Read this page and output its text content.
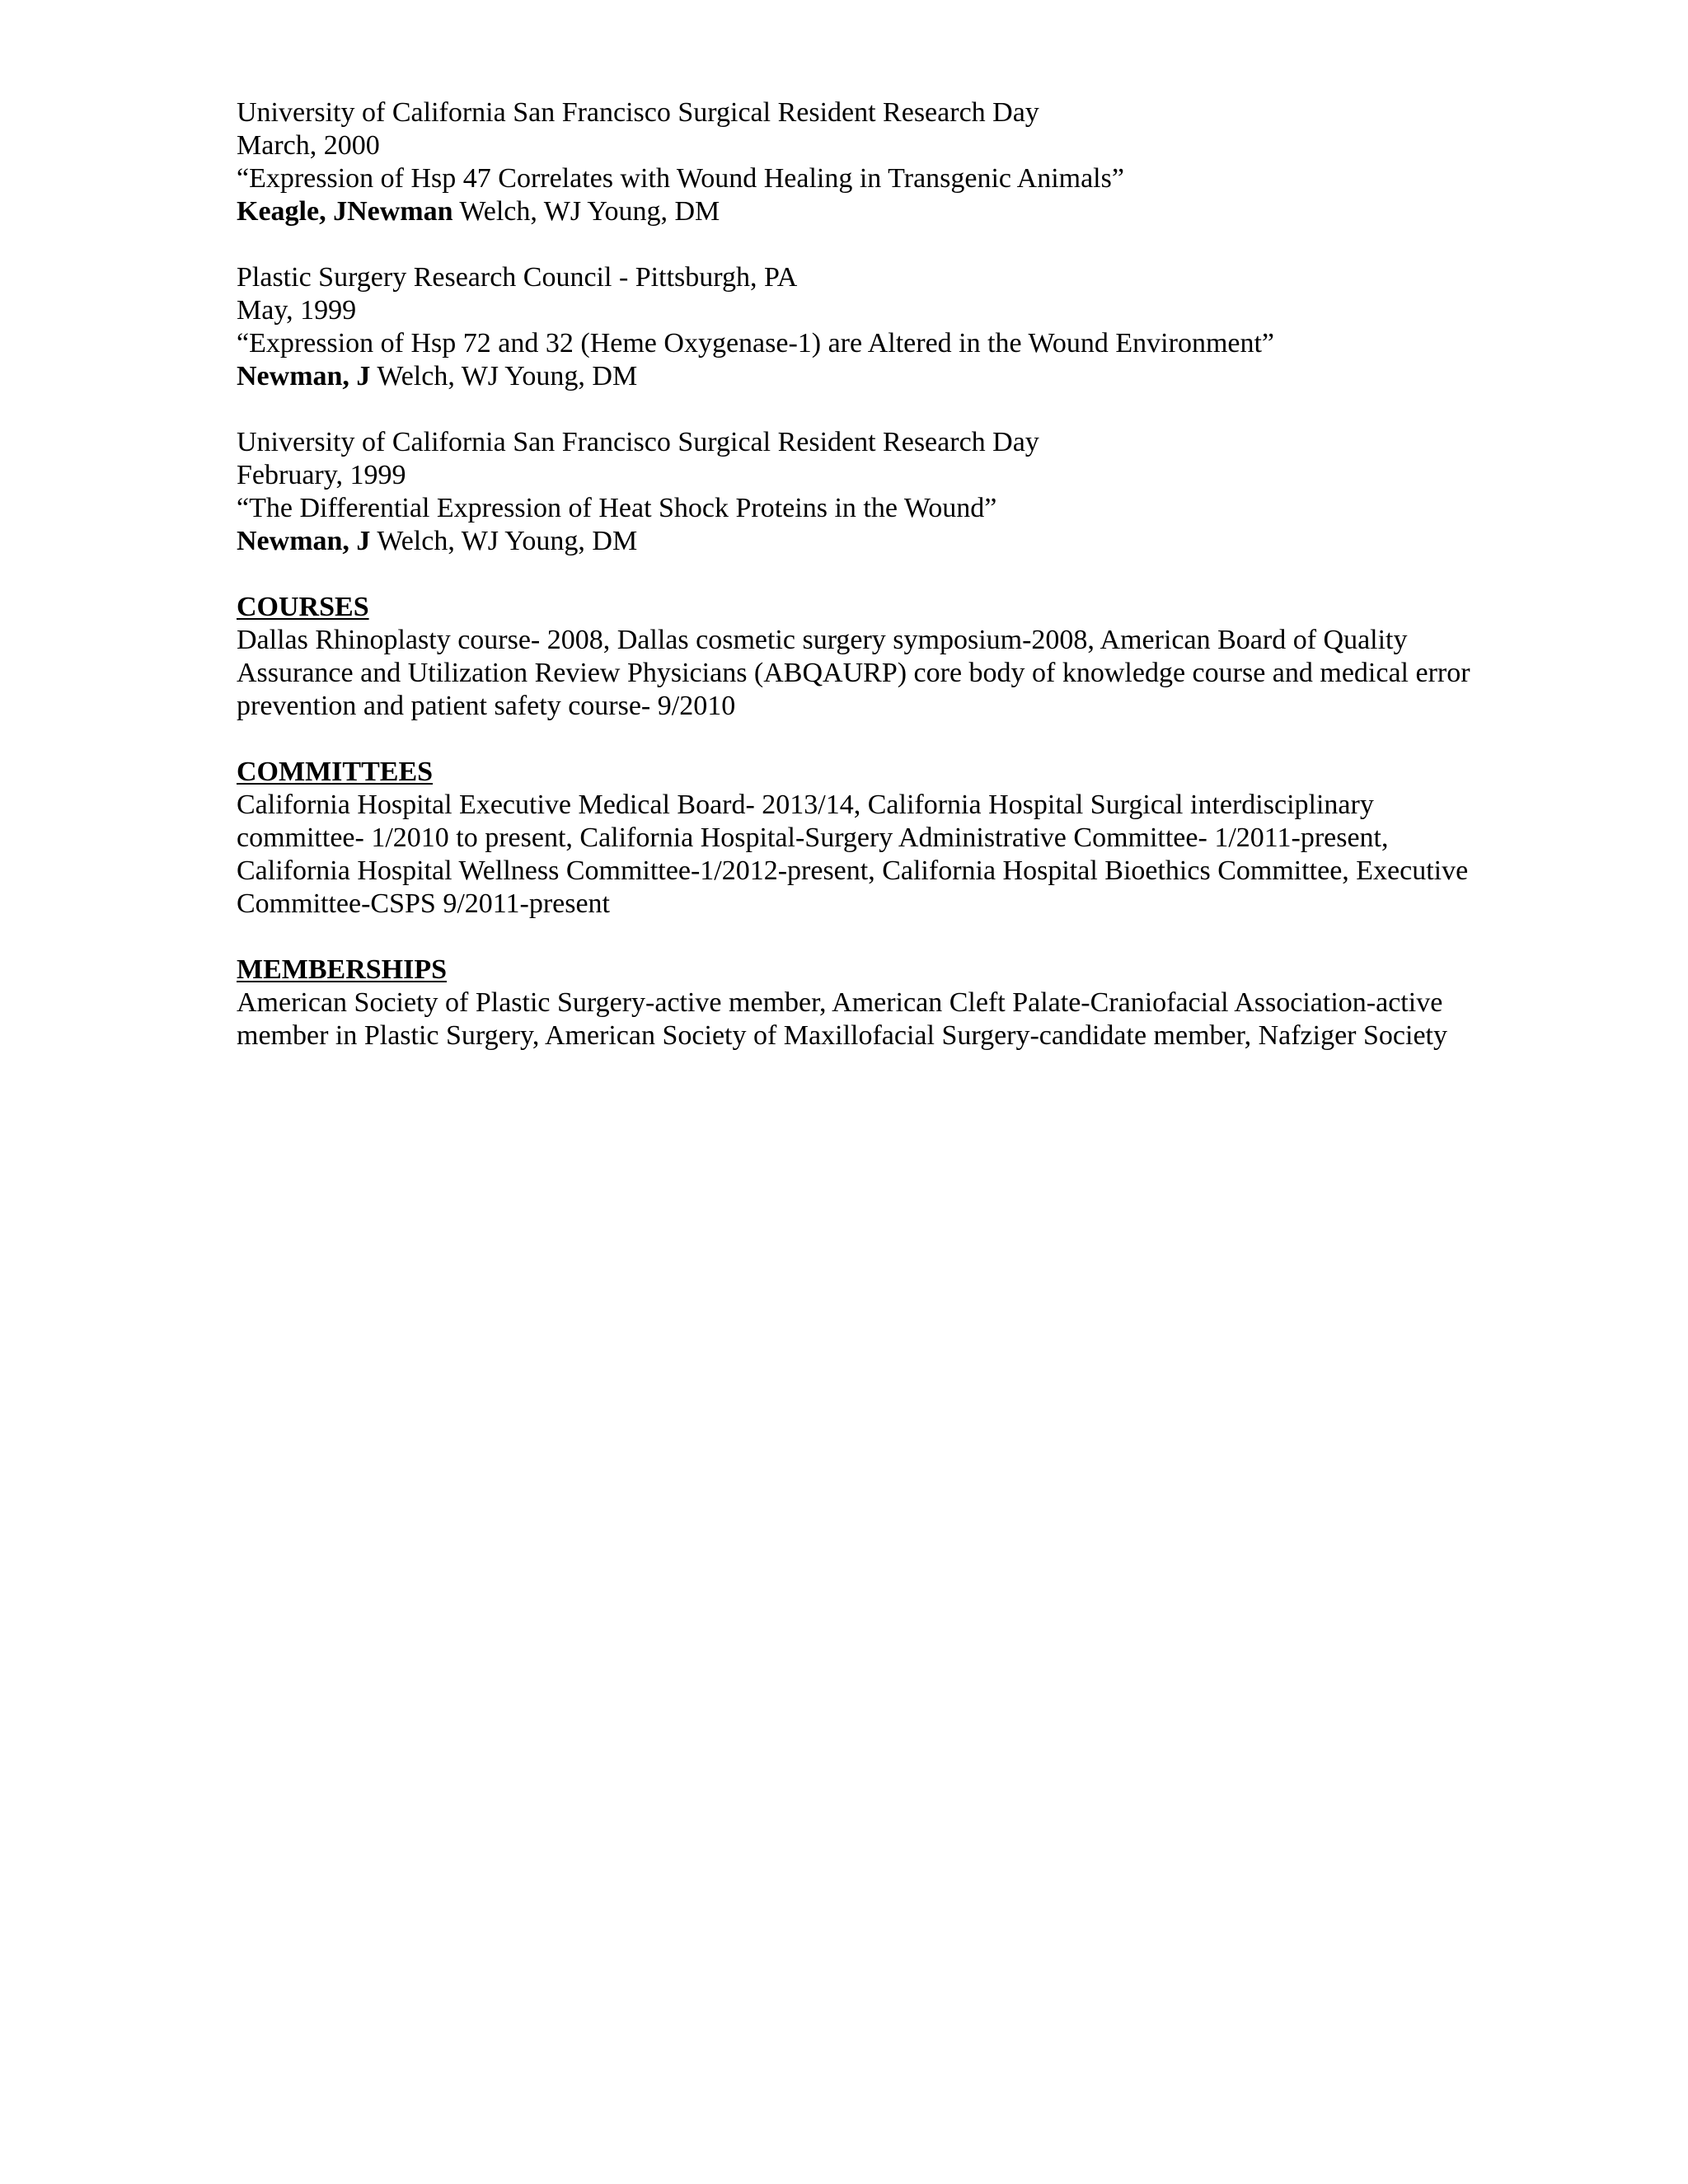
University of California San Francisco Surgical Resident Research Day
March, 2000
“Expression of Hsp 47 Correlates with Wound Healing in Transgenic Animals”
Keagle, JNewman Welch, WJ Young, DM
Plastic Surgery Research Council - Pittsburgh, PA
May, 1999
“Expression of Hsp 72 and 32 (Heme Oxygenase-1) are Altered in the Wound Environment”
Newman, J Welch, WJ Young, DM
University of California San Francisco Surgical Resident Research Day
February, 1999
“The Differential Expression of Heat Shock Proteins in the Wound”
Newman, J Welch, WJ Young, DM
COURSES
Dallas Rhinoplasty course- 2008, Dallas cosmetic surgery symposium-2008, American Board of Quality
Assurance and Utilization Review Physicians (ABQAURP) core body of knowledge course and medical error
prevention and patient safety course- 9/2010
COMMITTEES
California Hospital Executive Medical Board- 2013/14, California Hospital Surgical interdisciplinary
committee- 1/2010 to present, California Hospital-Surgery Administrative Committee- 1/2011-present,
California Hospital Wellness Committee-1/2012-present, California Hospital Bioethics Committee, Executive
Committee-CSPS 9/2011-present
MEMBERSHIPS
American Society of Plastic Surgery-active member, American Cleft Palate-Craniofacial Association-active
member in Plastic Surgery, American Society of Maxillofacial Surgery-candidate member, Nafziger Society
